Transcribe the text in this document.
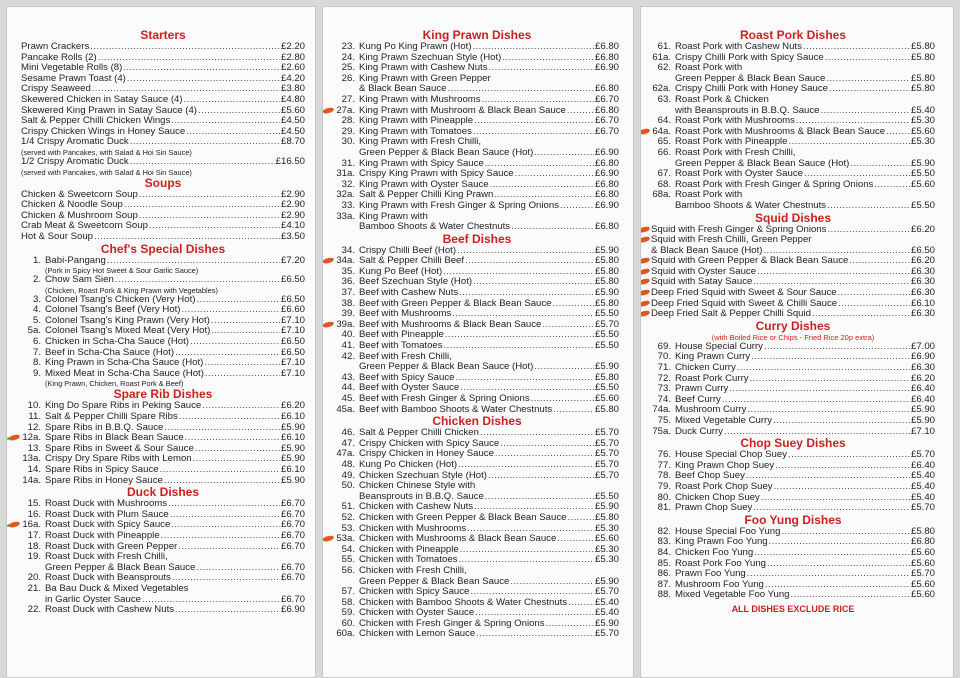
Starters
Prawn Crackers .....	£2.20
Pancake Rolls (2) .....	£2.80
Mini Vegetable Rolls (8) .....	£2.60
Sesame Prawn Toast (4) .....	£4.20
Crispy Seaweed .....	£3.80
Skewered Chicken in Satay Sauce (4) .....	£4.80
Skewered King Prawn in Satay Sauce (4) .....	£5.60
Salt & Pepper Chilli Chicken Wings .....	£4.50
Crispy Chicken Wings in Honey Sauce .....	£4.50
1/4 Crispy Aromatic Duck .....	£8.70
(served with Pancakes, with Salad & Hoi Sin Sauce)
1/2 Crispy Aromatic Duck .....	£16.50
(served with Pancakes, with Salad & Hoi Sin Sauce)
Soups
Chicken & Sweetcorn Soup .....	£2.90
Chicken & Noodle Soup .....	£2.90
Chicken & Mushroom Soup .....	£2.90
Crab Meat & Sweetcorn Soup .....	£4.10
Hot & Sour Soup .....	£3.50
Chef's Special Dishes
1. Babi-Pangang .....	£7.20
(Pork in Spicy Hot Sweet & Sour Garlic Sauce)
2. Chow Sam Sien .....	£6.50
(Chicken, Roast Pork & King Prawn with Vegetables)
3. Colonel Tsang's Chicken (Very Hot) .....	£6.50
4. Colonel Tsang's Beef (Very Hot) .....	£6.60
5. Colonel Tsang's King Prawn (Very Hot) .....	£7.10
5a. Colonel Tsang's Mixed Meat (Very Hot) .....	£7.10
6. Chicken in Scha-Cha Sauce (Hot) .....	£6.50
7. Beef in Scha-Cha Sauce (Hot) .....	£6.50
8. King Prawn in Scha-Cha Sauce (Hot) .....	£7.10
9. Mixed Meat in Scha-Cha Sauce (Hot) .....	£7.10
(King Prawn, Chicken, Roast Pork & Beef)
Spare Rib Dishes
10. King Do Spare Ribs in Peking Sauce .....	£6.20
11. Salt & Pepper Chilli Spare Ribs .....	£6.10
12. Spare Ribs in B.B.Q. Sauce .....	£5.90
12a. Spare Ribs in Black Bean Sauce .....	£6.10
13. Spare Ribs in Sweet & Sour Sauce .....	£5.90
13a. Crispy Dry Spare Ribs with Lemon .....	£5.90
14. Spare Ribs in Spicy Sauce .....	£6.10
14a. Spare Ribs in Honey Sauce .....	£5.90
Duck Dishes
15. Roast Duck with Mushrooms .....	£6.70
16. Roast Duck with Plum Sauce .....	£6.70
16a. Roast Duck with Spicy Sauce .....	£6.70
17. Roast Duck with Pineapple .....	£6.70
18. Roast Duck with Green Pepper .....	£6.70
19. Roast Duck with Fresh Chilli,
Green Pepper & Black Bean Sauce .....	£6.70
20. Roast Duck with Beansprouts .....	£6.70
21. Ba Bau Duck & Mixed Vegetables
in Garlic Oyster Sauce .....	£6.70
22. Roast Duck with Cashew Nuts .....	£6.90
King Prawn Dishes
23. Kung Po King Prawn (Hot) .....	£6.80
24. King Prawn Szechuan Style (Hot) .....	£6.80
25. King Prawn with Cashew Nuts .....	£6.90
26. King Prawn with Green Pepper
& Black Bean Sauce .....	£6.80
27. King Prawn with Mushrooms .....	£6.70
27a. King Prawn with Mushroom & Black Bean Sauce .....	£6.80
28. King Prawn with Pineapple .....	£6.70
29. King Prawn with Tomatoes .....	£6.70
30. King Prawn with Fresh Chilli,
Green Pepper & Black Bean Sauce (Hot) .....	£6.90
31. King Prawn with Spicy Sauce .....	£6.80
31a. Crispy King Prawn with Spicy Sauce .....	£6.90
32. King Prawn with Oyster Sauce .....	£6.80
32a. Salt & Pepper Chilli King Prawn .....	£6.80
33. King Prawn with Fresh Ginger & Spring Onions .....	£6.90
33a. King Prawn with
Bamboo Shoots & Water Chestnuts .....	£6.80
Beef Dishes
34. Crispy Chilli Beef (Hot) .....	£5.90
34a. Salt & Pepper Chilli Beef .....	£5.80
35. Kung Po Beef (Hot) .....	£5.80
36. Beef Szechuan Style (Hot) .....	£5.80
37. Beef with Cashew Nuts .....	£5.90
38. Beef with Green Pepper & Black Bean Sauce .....	£5.80
39. Beef with Mushrooms .....	£5.50
39a. Beef with Mushrooms & Black Bean Sauce .....	£5.70
40. Beef with Pineapple .....	£5.50
41. Beef with Tomatoes .....	£5.50
42. Beef with Fresh Chilli,
Green Pepper & Black Bean Sauce (Hot) .....	£5.90
43. Beef with Spicy Sauce .....	£5.80
44. Beef with Oyster Sauce .....	£5.50
45. Beef with Fresh Ginger & Spring Onions .....	£5.60
45a. Beef with Bamboo Shoots & Water Chestnuts .....	£5.80
Chicken Dishes
46. Salt & Pepper Chilli Chicken .....	£5.70
47. Crispy Chicken with Spicy Sauce .....	£5.70
47a. Crispy Chicken in Honey Sauce .....	£5.70
48. Kung Po Chicken (Hot) .....	£5.70
49. Chicken Szechuan Style (Hot) .....	£5.70
50. Chicken Chinese Style with
Beansprouts in B.B.Q. Sauce .....	£5.50
51. Chicken with Cashew Nuts .....	£5.90
52. Chicken with Green Pepper & Black Bean Sauce .....	£5.80
53. Chicken with Mushrooms .....	£5.30
53a. Chicken with Mushrooms & Black Bean Sauce .....	£5.60
54. Chicken with Pineapple .....	£5.30
55. Chicken with Tomatoes .....	£5.30
56. Chicken with Fresh Chilli,
Green Pepper & Black Bean Sauce .....	£5.90
57. Chicken with Spicy Sauce .....	£5.70
58. Chicken with Bamboo Shoots & Water Chestnuts .....	£5.40
59. Chicken with Oyster Sauce .....	£5.40
60. Chicken with Fresh Ginger & Spring Onions .....	£5.90
60a. Chicken with Lemon Sauce .....	£5.70
Roast Pork Dishes
61. Roast Pork with Cashew Nuts .....	£5.80
61a. Crispy Chilli Pork with Spicy Sauce .....	£5.80
62. Roast Pork with
Green Pepper & Black Bean Sauce .....	£5.80
62a. Crispy Chilli Pork with Honey Sauce .....	£5.80
63. Roast Pork & Chicken
with Beansprouts in B.B.Q. Sauce .....	£5.40
64. Roast Pork with Mushrooms .....	£5.30
64a. Roast Pork with Mushrooms & Black Bean Sauce .....	£5.60
65. Roast Pork with Pineapple .....	£5.30
66. Roast Pork with Fresh Chilli,
Green Pepper & Black Bean Sauce (Hot) .....	£5.90
67. Roast Pork with Oyster Sauce .....	£5.50
68. Roast Pork with Fresh Ginger & Spring Onions .....	£5.60
68a. Roast Pork with
Bamboo Shoots & Water Chestnuts .....	£5.50
Squid Dishes
Squid with Fresh Ginger & Spring Onions .....	£6.20
Squid with Fresh Chilli, Green Pepper
& Black Bean Sauce (Hot) .....	£6.50
Squid with Green Pepper & Black Bean Sauce .....	£6.20
Squid with Oyster Sauce .....	£6.30
Squid with Satay Sauce .....	£6.30
Deep Fried Squid with Sweet & Sour Sauce .....	£6.30
Deep Fried Squid with Sweet & Chilli Sauce .....	£6.10
Deep Fried Salt & Pepper Chilli Squid .....	£6.30
Curry Dishes
(with Boiled Rice or Chips - Fried Rice 20p extra)
69. House Special Curry .....	£7.00
70. King Prawn Curry .....	£6.90
71. Chicken Curry .....	£6.30
72. Roast Pork Curry .....	£6.20
73. Prawn Curry .....	£6.40
74. Beef Curry .....	£6.40
74a. Mushroom Curry .....	£5.90
75. Mixed Vegetable Curry .....	£5.90
75a. Duck Curry .....	£7.10
Chop Suey Dishes
76. House Special Chop Suey .....	£5.70
77. King Prawn Chop Suey .....	£6.40
78. Beef Chop Suey .....	£5.40
79. Roast Pork Chop Suey .....	£5.40
80. Chicken Chop Suey .....	£5.40
81. Prawn Chop Suey .....	£5.70
Foo Yung Dishes
82. House Special Foo Yung .....	£5.80
83. King Prawn Foo Yung .....	£6.80
84. Chicken Foo Yung .....	£5.60
85. Roast Pork Foo Yung .....	£5.60
86. Prawn Foo Yung .....	£5.70
87. Mushroom Foo Yung .....	£5.60
88. Mixed Vegetable Foo Yung .....	£5.60
ALL DISHES EXCLUDE RICE
